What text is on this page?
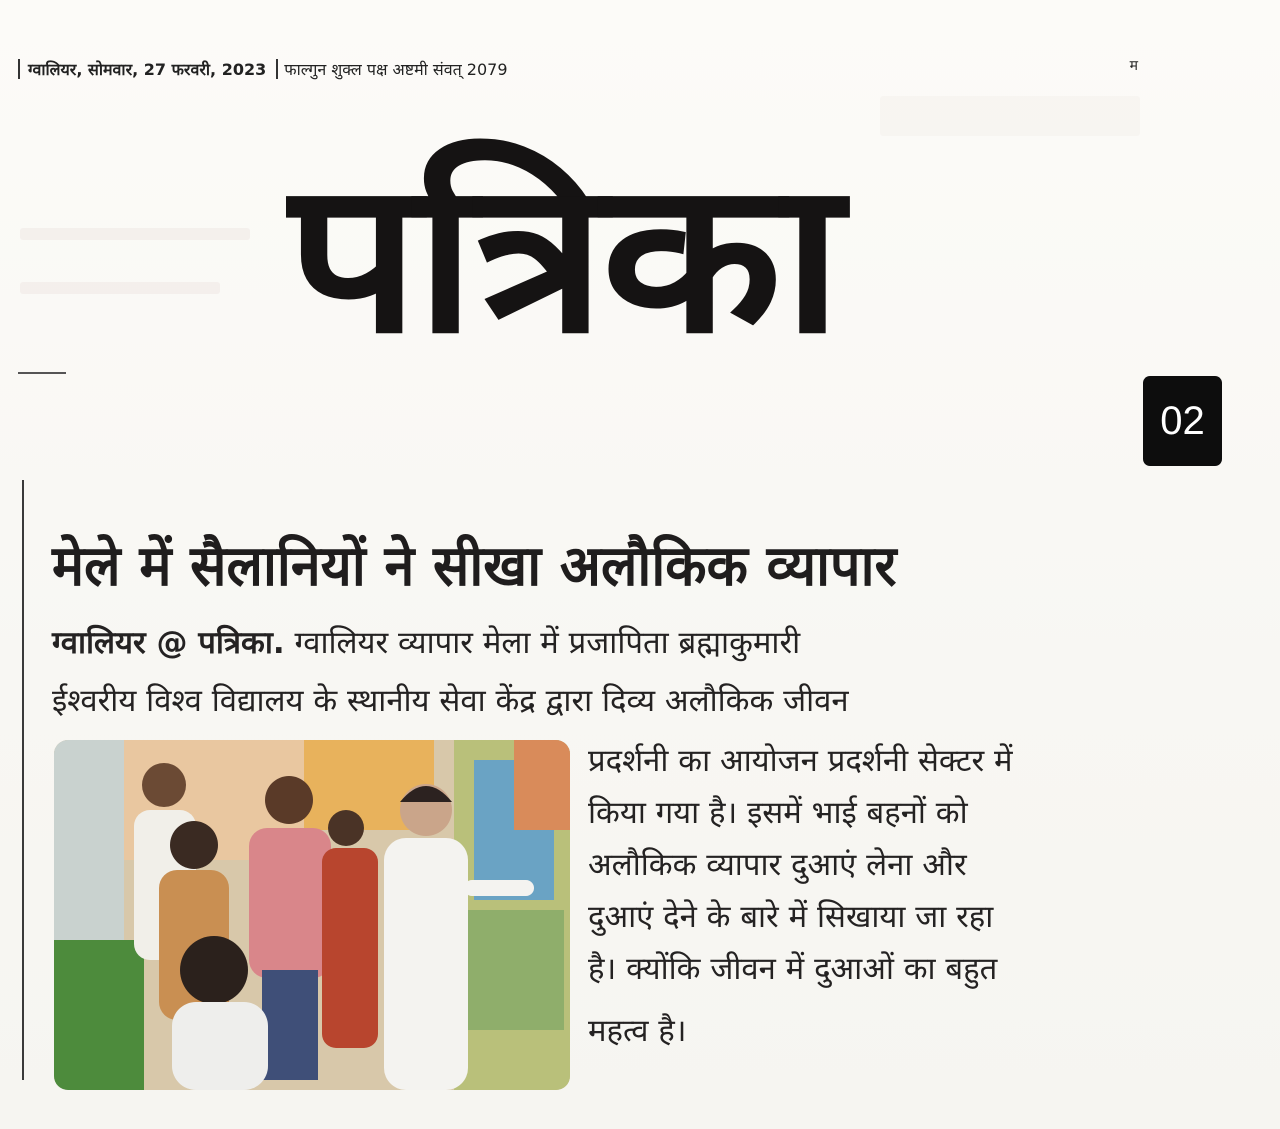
ग्वालियर, सोमवार, 27 फरवरी, 2023 फाल्गुन शुक्ल पक्ष अष्टमी संवत् 2079	म
पत्रिका
02
मेले में सैलानियों ने सीखा अलौकिक व्यापार
ग्वालियर @ पत्रिका. ग्वालियर व्यापार मेला में प्रजापिता ब्रह्माकुमारी
ईश्वरीय विश्व विद्यालय के स्थानीय सेवा केंद्र द्वारा दिव्य अलौकिक जीवन
प्रदर्शनी का आयोजन प्रदर्शनी सेक्टर में
किया गया है। इसमें भाई बहनों को
अलौकिक व्यापार दुआएं लेना और
दुआएं देने के बारे में सिखाया जा रहा
है। क्योंकि जीवन में दुआओं का बहुत
महत्व है।
